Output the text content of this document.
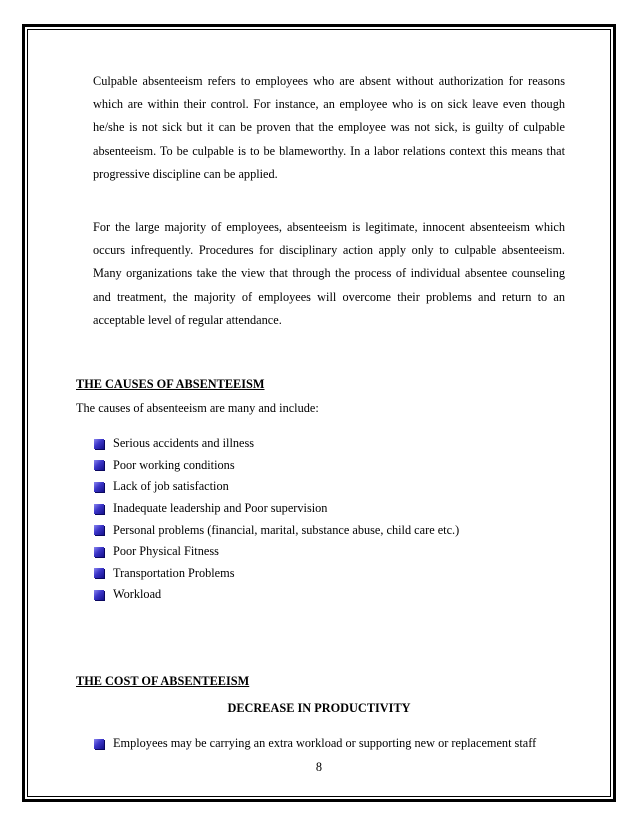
Culpable absenteeism refers to employees who are absent without authorization for reasons which are within their control. For instance, an employee who is on sick leave even though he/she is not sick but it can be proven that the employee was not sick, is guilty of culpable absenteeism. To be culpable is to be blameworthy. In a labor relations context this means that progressive discipline can be applied.

For the large majority of employees, absenteeism is legitimate, innocent absenteeism which occurs infrequently. Procedures for disciplinary action apply only to culpable absenteeism. Many organizations take the view that through the process of individual absentee counseling and treatment, the majority of employees will overcome their problems and return to an acceptable level of regular attendance.

THE CAUSES OF ABSENTEEISM

The causes of absenteeism are many and include:

Serious accidents and illness
Poor working conditions
Lack of job satisfaction
Inadequate leadership and Poor supervision
Personal problems (financial, marital, substance abuse, child care etc.)
Poor Physical Fitness
Transportation Problems
Workload
THE COST OF ABSENTEEISM
DECREASE IN PRODUCTIVITY
Employees may be carrying an extra workload or supporting new or replacement staff

8
